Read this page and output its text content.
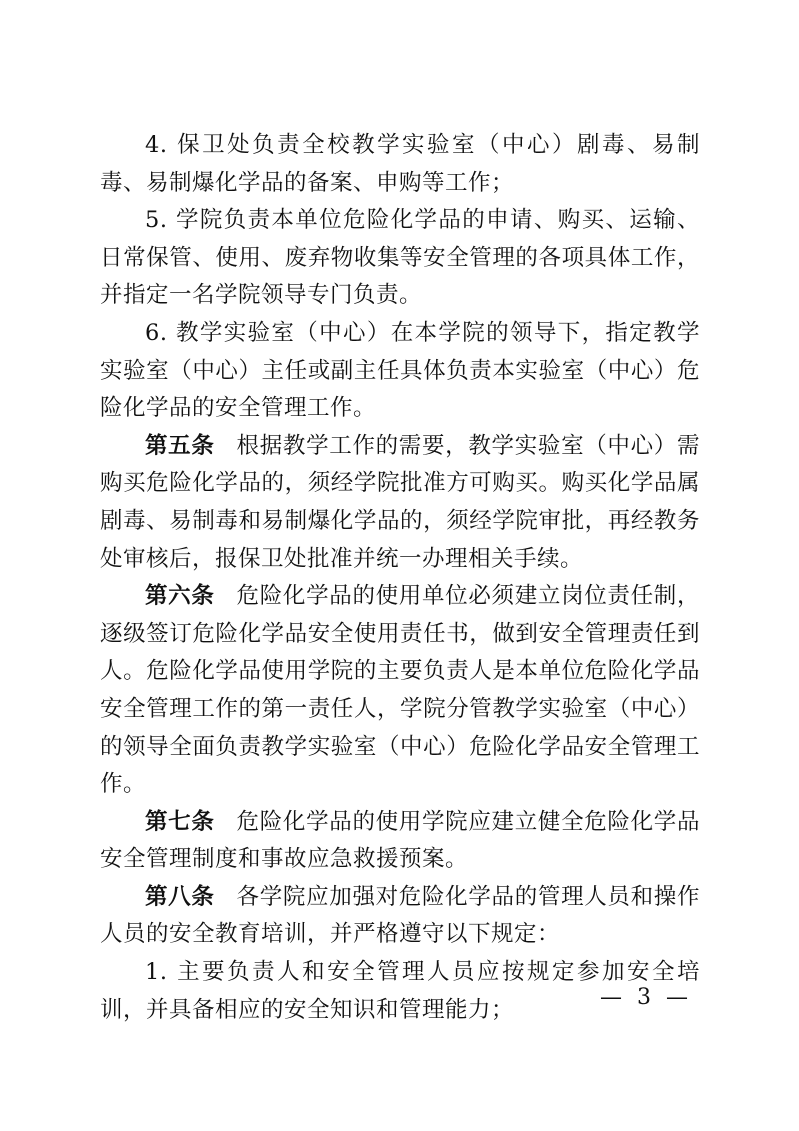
4. 保卫处负责全校教学实验室（中心）剧毒、易制毒、易制爆化学品的备案、申购等工作；

5. 学院负责本单位危险化学品的申请、购买、运输、日常保管、使用、废弃物收集等安全管理的各项具体工作，并指定一名学院领导专门负责。

6. 教学实验室（中心）在本学院的领导下，指定教学实验室（中心）主任或副主任具体负责本实验室（中心）危险化学品的安全管理工作。

第五条 根据教学工作的需要，教学实验室（中心）需购买危险化学品的，须经学院批准方可购买。购买化学品属剧毒、易制毒和易制爆化学品的，须经学院审批，再经教务处审核后，报保卫处批准并统一办理相关手续。

第六条 危险化学品的使用单位必须建立岗位责任制，逐级签订危险化学品安全使用责任书，做到安全管理责任到人。危险化学品使用学院的主要负责人是本单位危险化学品安全管理工作的第一责任人，学院分管教学实验室（中心）的领导全面负责教学实验室（中心）危险化学品安全管理工作。

第七条 危险化学品的使用学院应建立健全危险化学品安全管理制度和事故应急救援预案。

第八条 各学院应加强对危险化学品的管理人员和操作人员的安全教育培训，并严格遵守以下规定：

1. 主要负责人和安全管理人员应按规定参加安全培训，并具备相应的安全知识和管理能力；	— 3 —
